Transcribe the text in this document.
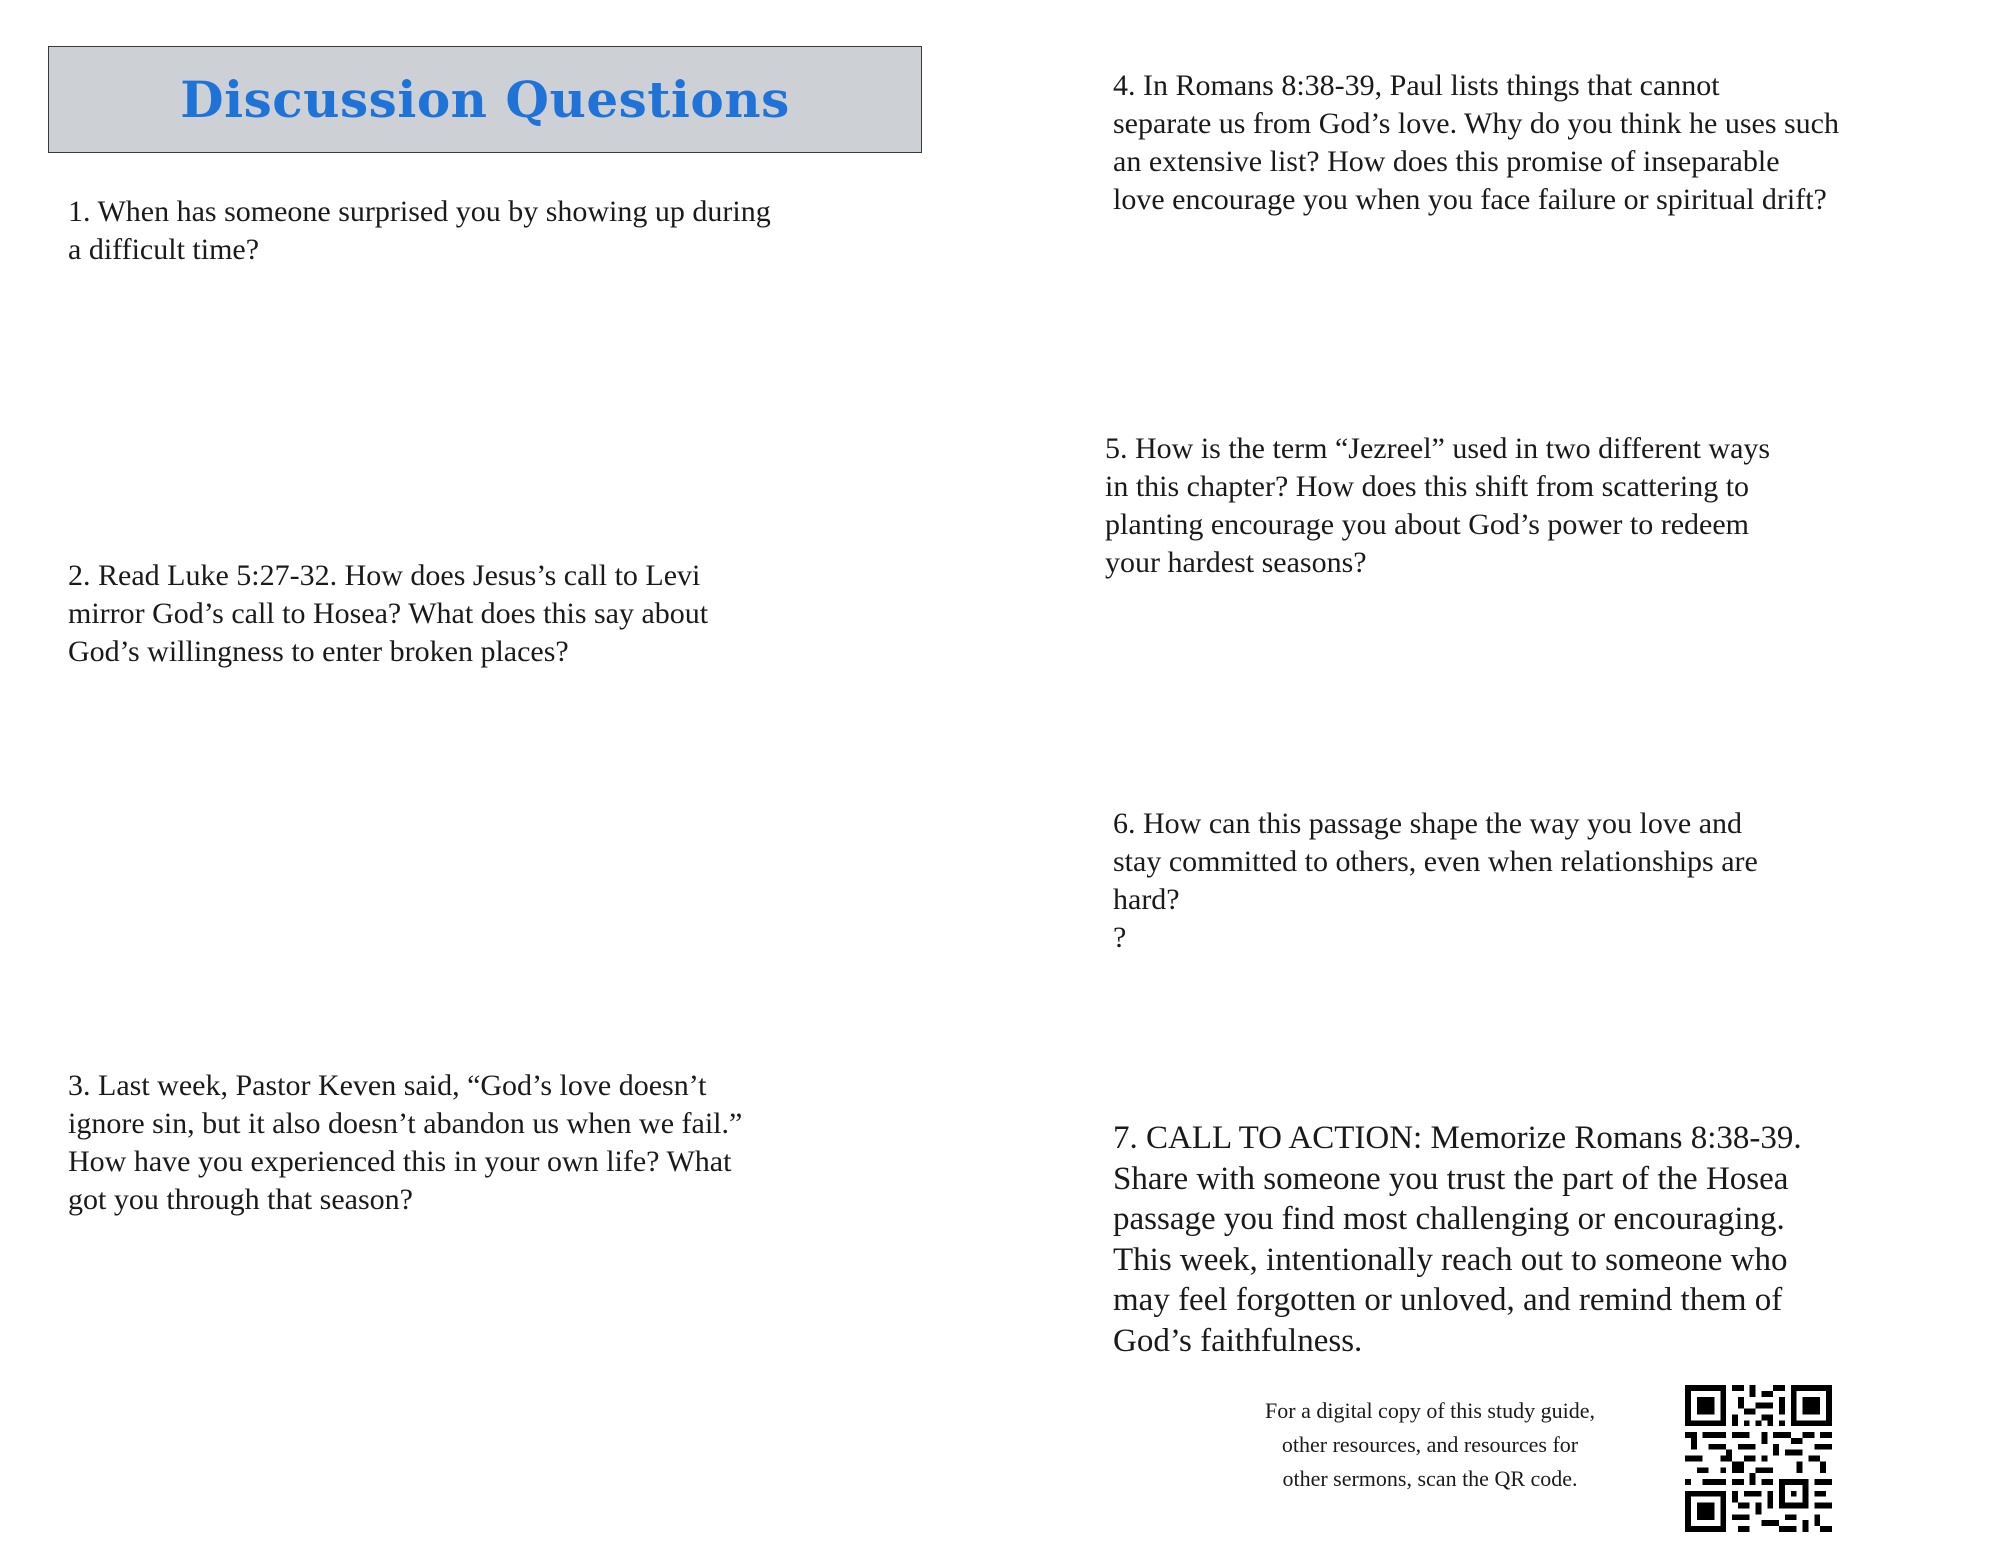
Discussion Questions

1. When has someone surprised you by showing up during
a difficult time?

2. Read Luke 5:27-32. How does Jesus’s call to Levi
mirror God’s call to Hosea? What does this say about
God’s willingness to enter broken places?

3. Last week, Pastor Keven said, “God’s love doesn’t
ignore sin, but it also doesn’t abandon us when we fail.”
How have you experienced this in your own life? What
got you through that season?

4. In Romans 8:38-39, Paul lists things that cannot
separate us from God’s love. Why do you think he uses such
an extensive list? How does this promise of inseparable
love encourage you when you face failure or spiritual drift?

5. How is the term “Jezreel” used in two different ways
in this chapter? How does this shift from scattering to
planting encourage you about God’s power to redeem
your hardest seasons?

6. How can this passage shape the way you love and
stay committed to others, even when relationships are
hard?
?

7. CALL TO ACTION: Memorize Romans 8:38-39.
Share with someone you trust the part of the Hosea
passage you find most challenging or encouraging.
This week, intentionally reach out to someone who
may feel forgotten or unloved, and remind them of
God’s faithfulness.

For a digital copy of this study guide,
other resources, and resources for
other sermons, scan the QR code.
